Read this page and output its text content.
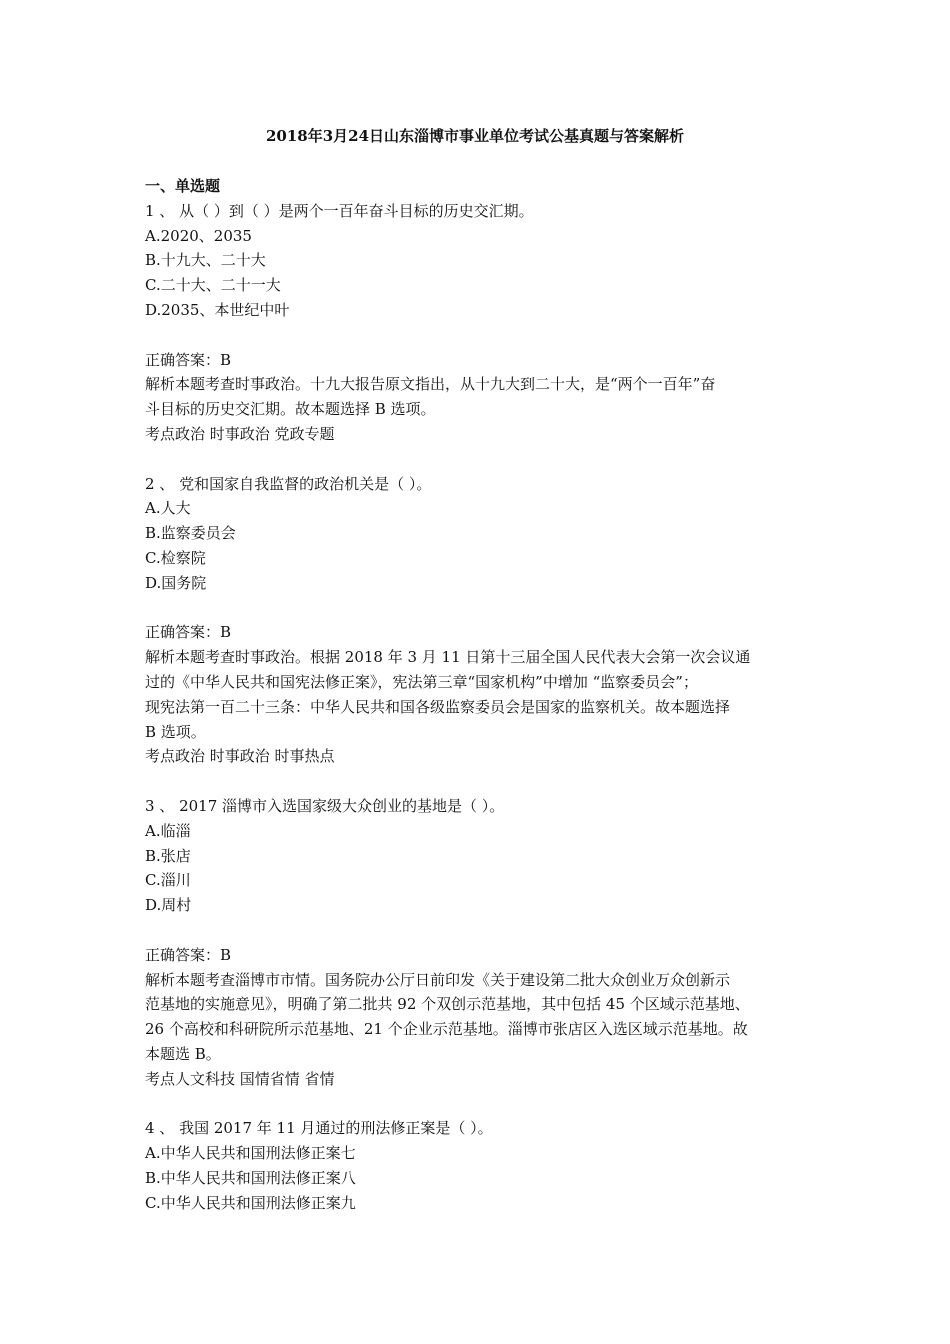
2018年3月24日山东淄博市事业单位考试公基真题与答案解析
一、单选题
1 、 从（ ）到（ ）是两个一百年奋斗目标的历史交汇期。
A.2020、2035
B.十九大、二十大
C.二十大、二十一大
D.2035、本世纪中叶
正确答案：B
解析本题考查时事政治。十九大报告原文指出，从十九大到二十大，是“两个一百年”奋
斗目标的历史交汇期。故本题选择 B 选项。
考点政治 时事政治 党政专题
2 、 党和国家自我监督的政治机关是（ ）。
A.人大
B.监察委员会
C.检察院
D.国务院
正确答案：B
解析本题考查时事政治。根据 2018 年 3 月 11 日第十三届全国人民代表大会第一次会议通
过的《中华人民共和国宪法修正案》，宪法第三章“国家机构”中增加 “监察委员会”；
现宪法第一百二十三条：中华人民共和国各级监察委员会是国家的监察机关。故本题选择
B 选项。
考点政治 时事政治 时事热点
3 、 2017 淄博市入选国家级大众创业的基地是（ ）。
A.临淄
B.张店
C.淄川
D.周村
正确答案：B
解析本题考查淄博市市情。国务院办公厅日前印发《关于建设第二批大众创业万众创新示
范基地的实施意见》，明确了第二批共 92 个双创示范基地，其中包括 45 个区域示范基地、
26 个高校和科研院所示范基地、21 个企业示范基地。淄博市张店区入选区域示范基地。故
本题选 B。
考点人文科技 国情省情 省情
4 、 我国 2017 年 11 月通过的刑法修正案是（ ）。
A.中华人民共和国刑法修正案七
B.中华人民共和国刑法修正案八
C.中华人民共和国刑法修正案九
